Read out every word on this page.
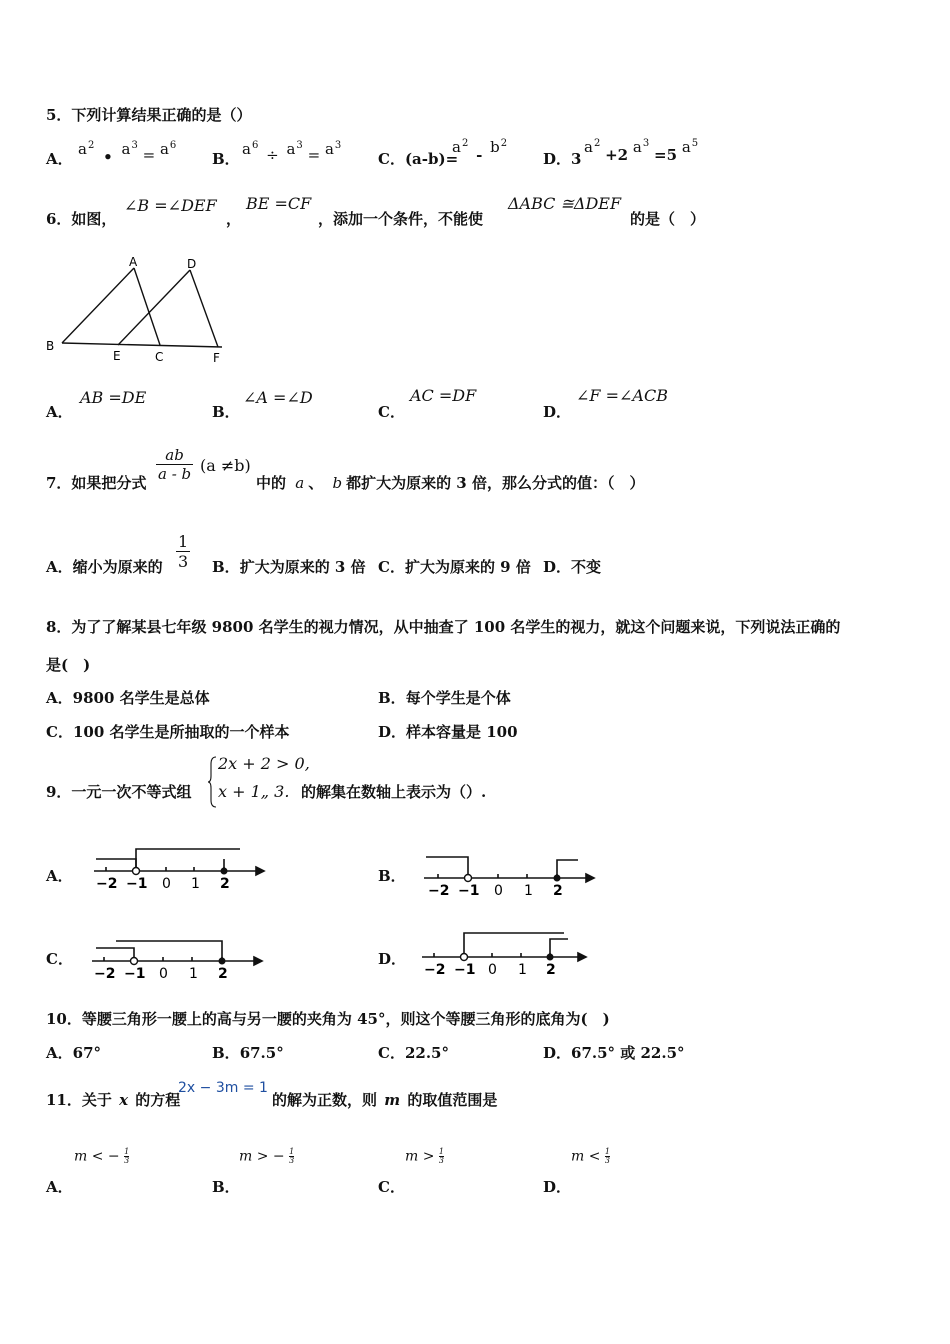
5．下列计算结果正确的是（）
A．
$a^2$ • $a^3 = a^6$
B．
$a^6 \div a^3 = a^3$
C．(a-b)=
$a^2 - b^2$
D．3
$a^2 +2$ $a^3 =5$ $a^5$
6．如图，
∠B =∠DEF
，
BE =CF
，添加一个条件，不能使
ΔABC ≅ΔDEF
的是（　）
A	D
B
E	C	F
A．
AB =DE
B．
∠A =∠D
C．
AC =DF
D．
∠F =∠ACB
7．如果把分式 $\frac{ab}{a - b} (a \ne b)$
中的 a 、 b 都扩大为原来的 3 倍，那么分式的值：（　）
A．缩小为原来的 $\frac{1}{3}$ B．扩大为原来的 3 倍 C．扩大为原来的 9 倍 D．不变
8．为了了解某县七年级 9800 名学生的视力情况，从中抽查了 100 名学生的视力，就这个问题来说，下列说法正确的
是(　)
A．9800 名学生是总体	B．每个学生是个体
C．100 名学生是所抽取的一个样本	D．样本容量是 100
9．一元一次不等式组
2x + 2 > 0,
x + 1„ 3. 的解集在数轴上表示为（）.
A． −2 −1 0 1 2	B．
−2 −1 0 1 2
C．
−2 −1 0 1 2
D．
−2 −1 0 1 2
10．等腰三角形一腰上的高与另一腰的夹角为 45°，则这个等腰三角形的底角为(　)
A．67°	B．67.5°	C．22.5°	D．67.5° 或 22.5°
11．关于 x 的方程
2x − 3m = 1
的解为正数，则 m 的取值范围是
A．
m < − $\frac{1}{3}$
B．
m > − $\frac{1}{3}$
C．
$m > \frac{1}{3}$
D．
$m < \frac{1}{3}$
